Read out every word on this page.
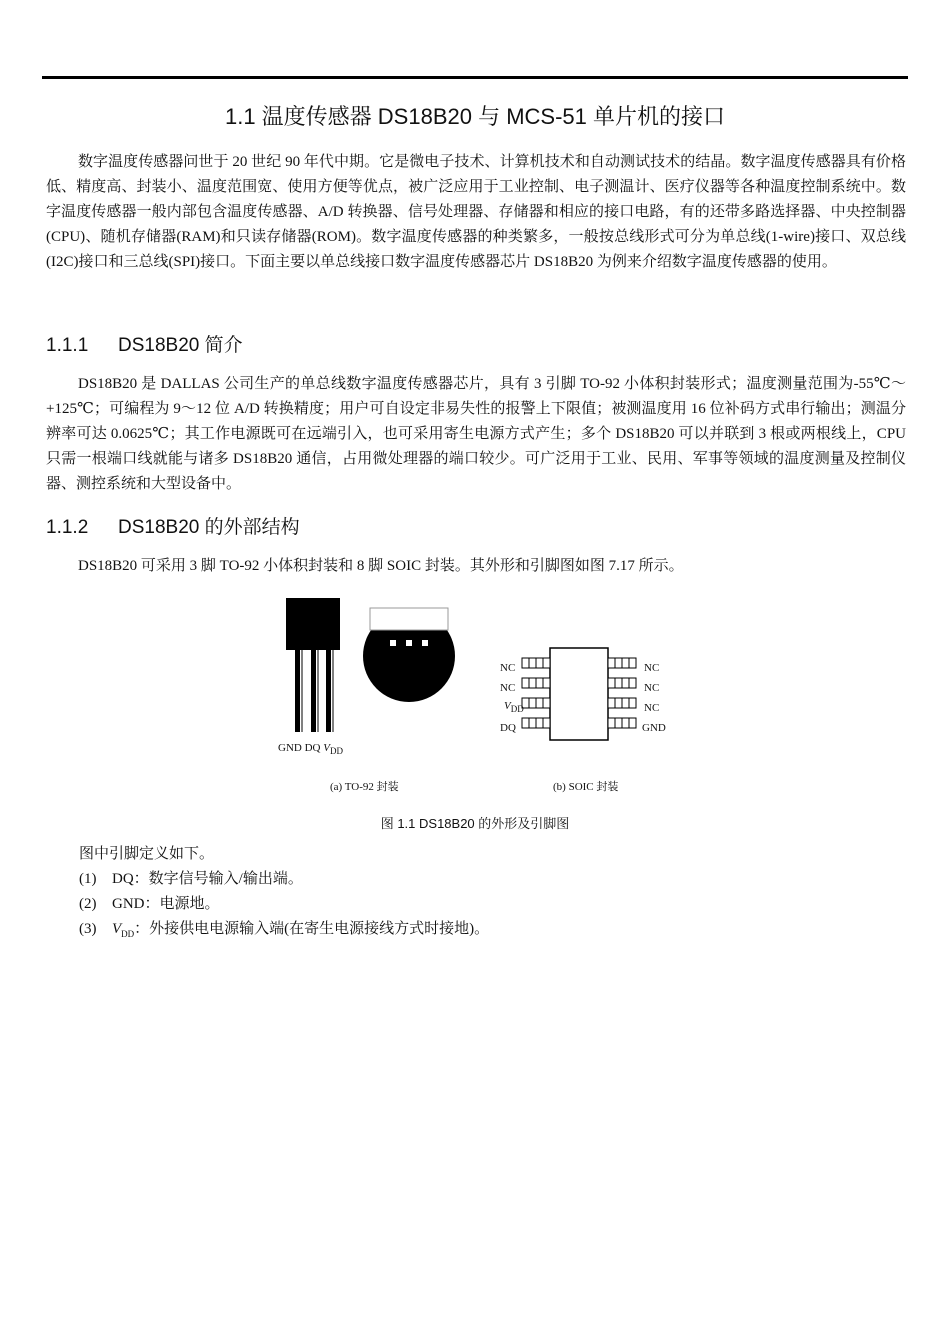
1.1 温度传感器 DS18B20 与 MCS-51 单片机的接口

数字温度传感器问世于 20 世纪 90 年代中期。它是微电子技术、计算机技术和自动测试技术的结晶。数字温度传感器具有价格低、精度高、封装小、温度范围宽、使用方便等优点，被广泛应用于工业控制、电子测温计、医疗仪器等各种温度控制系统中。数字温度传感器一般内部包含温度传感器、A/D 转换器、信号处理器、存储器和相应的接口电路，有的还带多路选择器、中央控制器(CPU)、随机存储器(RAM)和只读存储器(ROM)。数字温度传感器的种类繁多，一般按总线形式可分为单总线(1-wire)接口、双总线(I2C)接口和三总线(SPI)接口。下面主要以单总线接口数字温度传感器芯片 DS18B20 为例来介绍数字温度传感器的使用。

1.1.1 DS18B20 简介

DS18B20 是 DALLAS 公司生产的单总线数字温度传感器芯片，具有 3 引脚 TO-92 小体积封装形式；温度测量范围为-55℃～+125℃；可编程为 9～12 位 A/D 转换精度；用户可自设定非易失性的报警上下限值；被测温度用 16 位补码方式串行输出；测温分辨率可达 0.0625℃；其工作电源既可在远端引入，也可采用寄生电源方式产生；多个 DS18B20 可以并联到 3 根或两根线上，CPU 只需一根端口线就能与诸多 DS18B20 通信，占用微处理器的端口较少。可广泛用于工业、民用、军事等领域的温度测量及控制仪器、测控系统和大型设备中。

1.1.2 DS18B20 的外部结构

DS18B20 可采用 3 脚 TO-92 小体积封装和 8 脚 SOIC 封装。其外形和引脚图如图 7.17 所示。

GND DQ $V_{DD}$
NC
NC
$V_{DD}$
DQ
NC
NC
NC
GND
(a) TO-92 封装	(b) SOIC 封装
图 1.1 DS18B20 的外形及引脚图
图中引脚定义如下。
(1) DQ：数字信号输入/输出端。
(2) GND：电源地。
(3) $V_{DD}$：外接供电电源输入端(在寄生电源接线方式时接地)。
